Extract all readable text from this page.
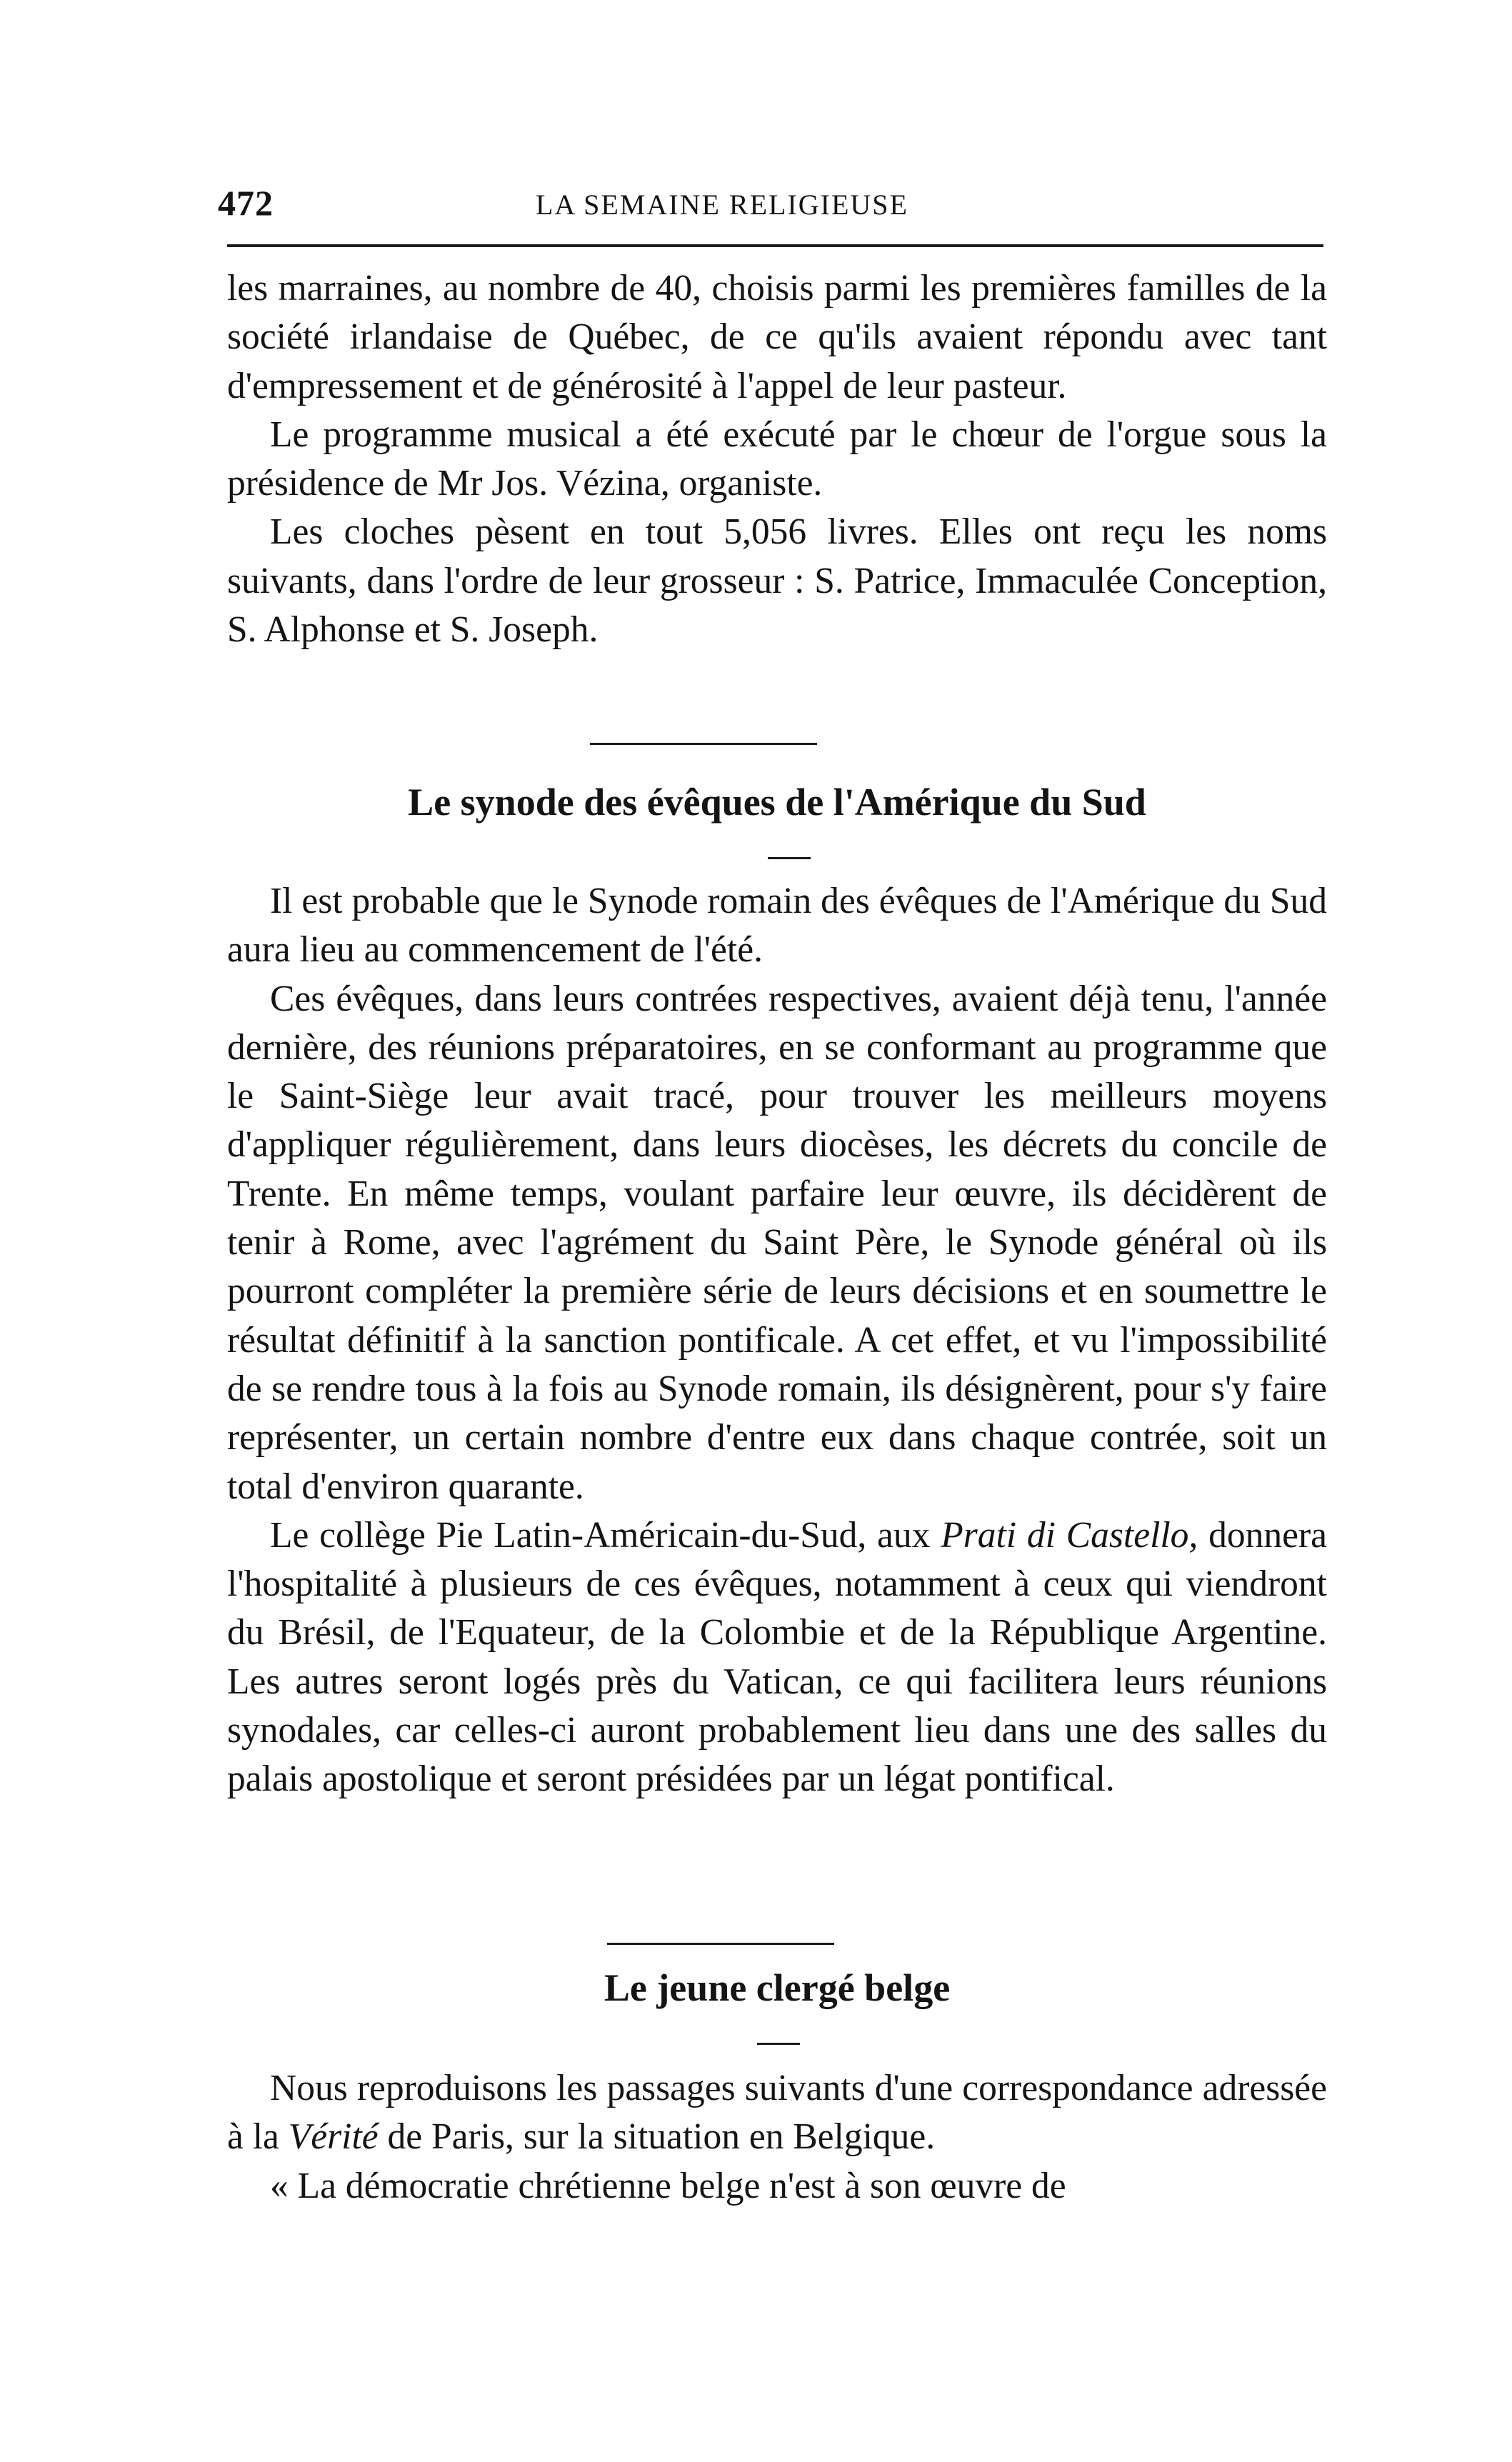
472	LA SEMAINE RELIGIEUSE

les marraines, au nombre de 40, choisis parmi les premières familles de la société irlandaise de Québec, de ce qu'ils avaient répondu avec tant d'empressement et de générosité à l'appel de leur pasteur.

Le programme musical a été exécuté par le chœur de l'orgue sous la présidence de Mr Jos. Vézina, organiste.

Les cloches pèsent en tout 5,056 livres. Elles ont reçu les noms suivants, dans l'ordre de leur grosseur : S. Patrice, Immaculée Conception, S. Alphonse et S. Joseph.

Le synode des évêques de l'Amérique du Sud

Il est probable que le Synode romain des évêques de l'Amérique du Sud aura lieu au commencement de l'été.

Ces évêques, dans leurs contrées respectives, avaient déjà tenu, l'année dernière, des réunions préparatoires, en se conformant au programme que le Saint-Siège leur avait tracé, pour trouver les meilleurs moyens d'appliquer régulièrement, dans leurs diocèses, les décrets du concile de Trente. En même temps, voulant parfaire leur œuvre, ils décidèrent de tenir à Rome, avec l'agrément du Saint Père, le Synode général où ils pourront compléter la première série de leurs décisions et en soumettre le résultat définitif à la sanction pontificale. A cet effet, et vu l'impossibilité de se rendre tous à la fois au Synode romain, ils désignèrent, pour s'y faire représenter, un certain nombre d'entre eux dans chaque contrée, soit un total d'environ quarante.

Le collège Pie Latin-Américain-du-Sud, aux Prati di Castello, donnera l'hospitalité à plusieurs de ces évêques, notamment à ceux qui viendront du Brésil, de l'Equateur, de la Colombie et de la République Argentine. Les autres seront logés près du Vatican, ce qui facilitera leurs réunions synodales, car celles-ci auront probablement lieu dans une des salles du palais apostolique et seront présidées par un légat pontifical.

Le jeune clergé belge

Nous reproduisons les passages suivants d'une correspondance adressée à la Vérité de Paris, sur la situation en Belgique.

« La démocratie chrétienne belge n'est à son œuvre de
